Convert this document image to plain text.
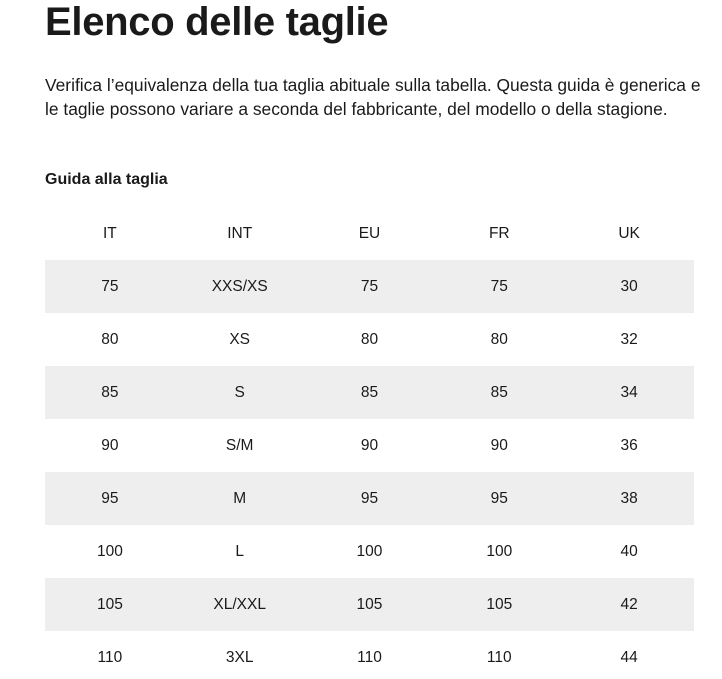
Elenco delle taglie

Verifica l’equivalenza della tua taglia abituale sulla tabella. Questa guida è generica e le taglie possono variare a seconda del fabbricante, del modello o della stagione.

Guida alla taglia
IT	INT	EU	FR	UK
75	XXS/XS	75	75	30
80	XS	80	80	32
85	S	85	85	34
90	S/M	90	90	36
95	M	95	95	38
100	L	100	100	40
105	XL/XXL	105	105	42
110	3XL	110	110	44
